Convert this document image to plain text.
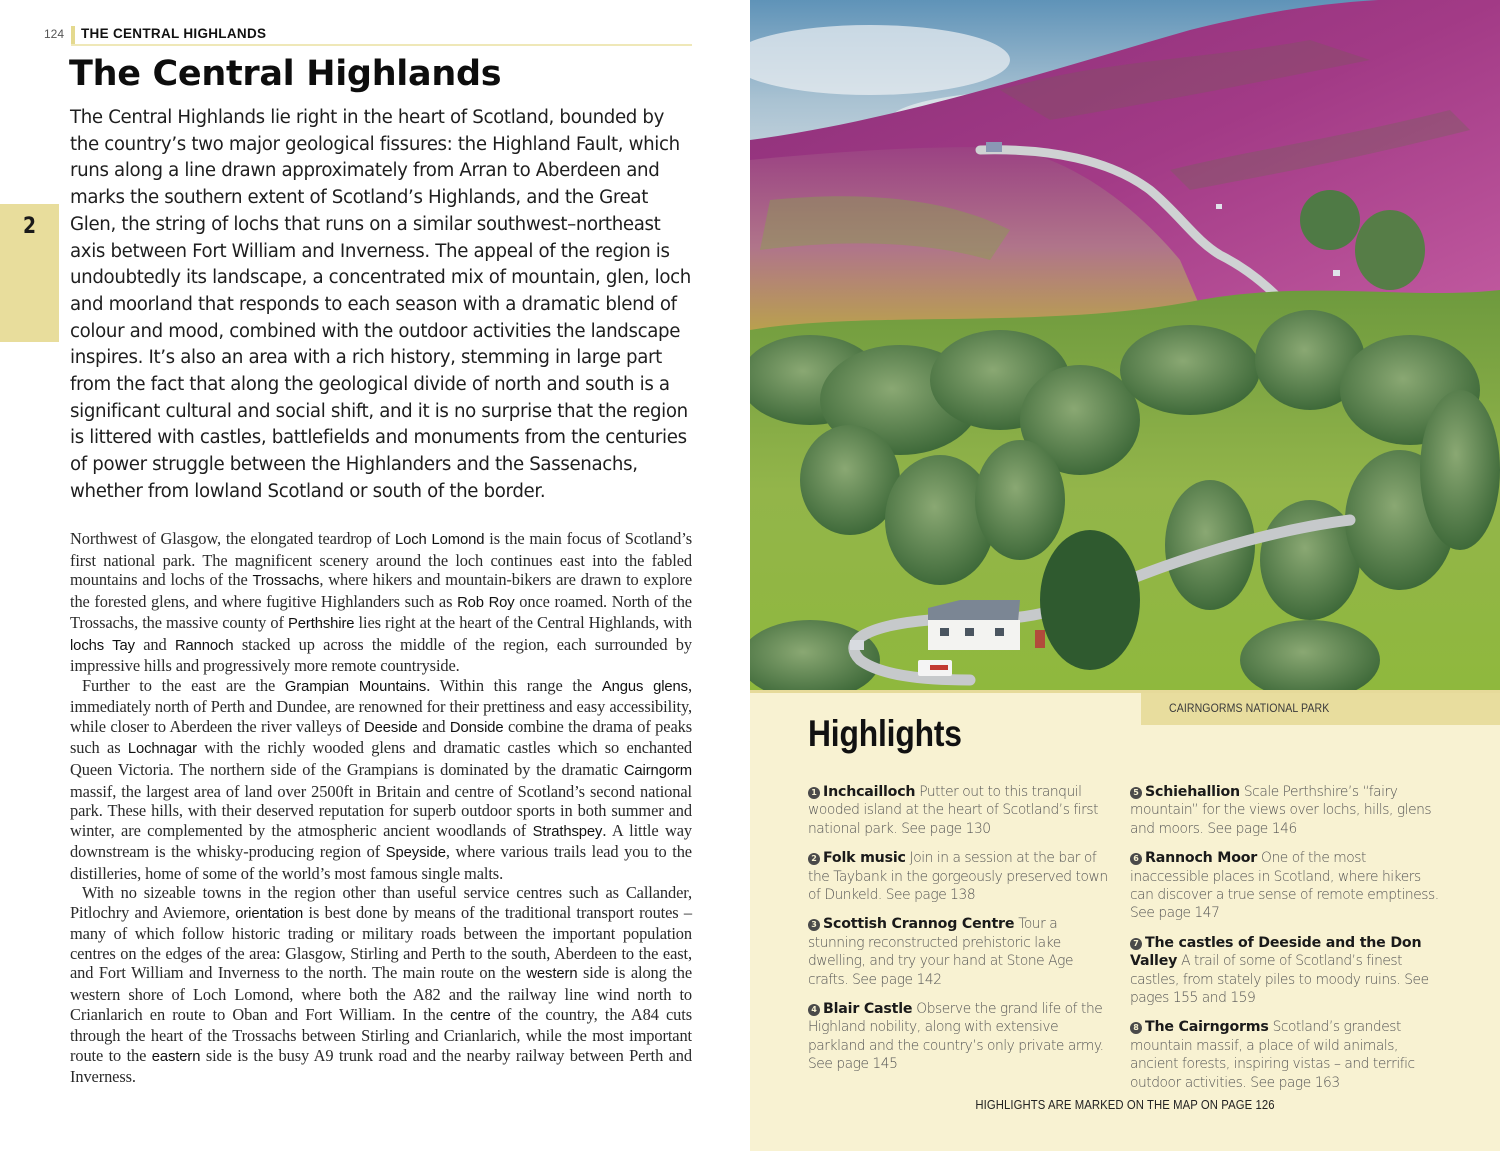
124 THE CENTRAL HIGHLANDS
The Central Highlands
2

The Central Highlands lie right in the heart of Scotland, bounded by the country’s two major geological fissures: the Highland Fault, which runs along a line drawn approximately from Arran to Aberdeen and marks the southern extent of Scotland’s Highlands, and the Great Glen, the string of lochs that runs on a similar southwest–northeast axis between Fort William and Inverness. The appeal of the region is undoubtedly its landscape, a concentrated mix of mountain, glen, loch and moorland that responds to each season with a dramatic blend of colour and mood, combined with the outdoor activities the landscape inspires. It’s also an area with a rich history, stemming in large part from the fact that along the geological divide of north and south is a significant cultural and social shift, and it is no surprise that the region is littered with castles, battlefields and monuments from the centuries of power struggle between the Highlanders and the Sassenachs, whether from lowland Scotland or south of the border.

Northwest of Glasgow, the elongated teardrop of Loch Lomond is the main focus of Scotland’s first national park. The magnificent scenery around the loch continues east into the fabled mountains and lochs of the Trossachs, where hikers and mountain-bikers are drawn to explore the forested glens, and where fugitive Highlanders such as Rob Roy once roamed. North of the Trossachs, the massive county of Perthshire lies right at the heart of the Central Highlands, with lochs Tay and Rannoch stacked up across the middle of the region, each surrounded by impressive hills and progressively more remote countryside.

Further to the east are the Grampian Mountains. Within this range the Angus glens, immediately north of Perth and Dundee, are renowned for their prettiness and easy accessibility, while closer to Aberdeen the river valleys of Deeside and Donside combine the drama of peaks such as Lochnagar with the richly wooded glens and dramatic castles which so enchanted Queen Victoria. The northern side of the Grampians is dominated by the dramatic Cairngorm massif, the largest area of land over 2500ft in Britain and centre of Scotland’s second national park. These hills, with their deserved reputation for superb outdoor sports in both summer and winter, are complemented by the atmospheric ancient woodlands of Strathspey. A little way downstream is the whisky-producing region of Speyside, where various trails lead you to the distilleries, home of some of the world’s most famous single malts.

With no sizeable towns in the region other than useful service centres such as Callander, Pitlochry and Aviemore, orientation is best done by means of the traditional transport routes – many of which follow historic trading or military roads between the important population centres on the edges of the area: Glasgow, Stirling and Perth to the south, Aberdeen to the east, and Fort William and Inverness to the north. The main route on the western side is along the western shore of Loch Lomond, where both the A82 and the railway line wind north to Crianlarich en route to Oban and Fort William. In the centre of the country, the A84 cuts through the heart of the Trossachs between Stirling and Crianlarich, while the most important route to the eastern side is the busy A9 trunk road and the nearby railway between Perth and Inverness.

CAIRNGORMS NATIONAL PARK
Highlights
1 Inchcailloch Putter out to this tranquil wooded island at the heart of Scotland’s first national park. See page 130
2 Folk music Join in a session at the bar of the Taybank in the gorgeously preserved town of Dunkeld. See page 138
3 Scottish Crannog Centre Tour a stunning reconstructed prehistoric lake dwelling, and try your hand at Stone Age crafts. See page 142
4 Blair Castle Observe the grand life of the Highland nobility, along with extensive parkland and the country’s only private army. See page 145
5 Schiehallion Scale Perthshire’s “fairy mountain” for the views over lochs, hills, glens and moors. See page 146
6 Rannoch Moor One of the most inaccessible places in Scotland, where hikers can discover a true sense of remote emptiness. See page 147
7 The castles of Deeside and the Don Valley A trail of some of Scotland’s finest castles, from stately piles to moody ruins. See pages 155 and 159
8 The Cairngorms Scotland’s grandest mountain massif, a place of wild animals, ancient forests, inspiring vistas – and terrific outdoor activities. See page 163
HIGHLIGHTS ARE MARKED ON THE MAP ON PAGE 126
